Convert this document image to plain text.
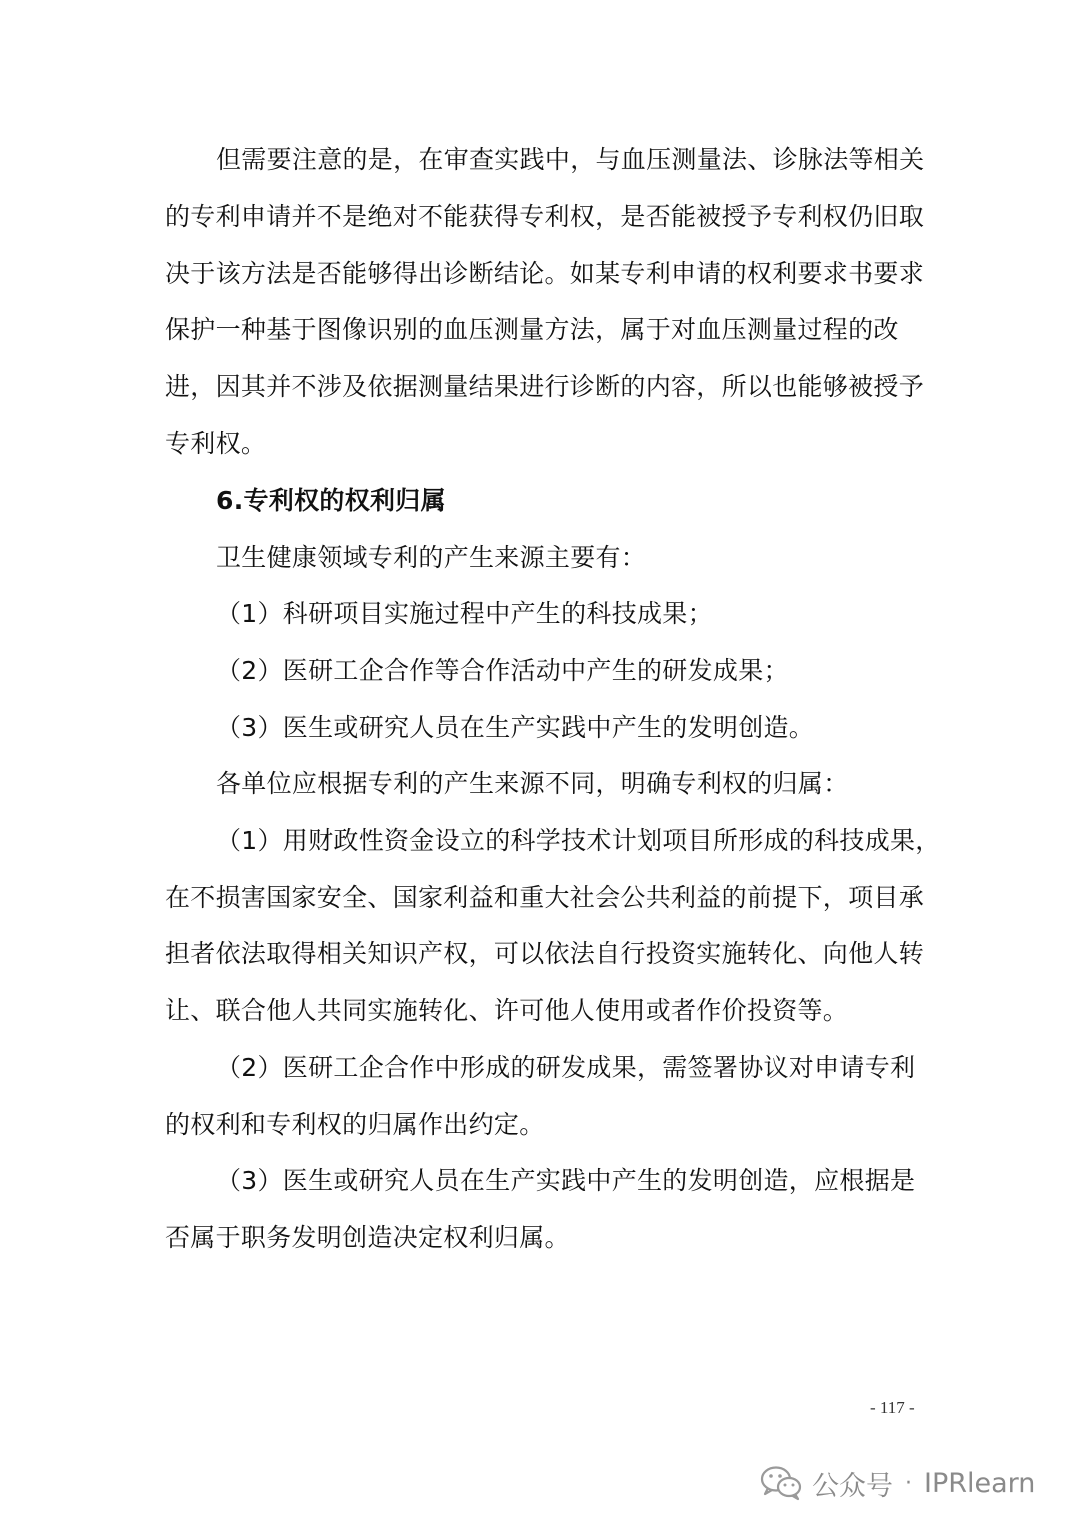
但需要注意的是，在审查实践中，与血压测量法、诊脉法等相关
的专利申请并不是绝对不能获得专利权，是否能被授予专利权仍旧取
决于该方法是否能够得出诊断结论。如某专利申请的权利要求书要求
保护一种基于图像识别的血压测量方法，属于对血压测量过程的改
进，因其并不涉及依据测量结果进行诊断的内容，所以也能够被授予
专利权。
6.专利权的权利归属
卫生健康领域专利的产生来源主要有：
（1）科研项目实施过程中产生的科技成果；
（2）医研工企合作等合作活动中产生的研发成果；
（3）医生或研究人员在生产实践中产生的发明创造。
各单位应根据专利的产生来源不同，明确专利权的归属：
（1）用财政性资金设立的科学技术计划项目所形成的科技成果，
在不损害国家安全、国家利益和重大社会公共利益的前提下，项目承
担者依法取得相关知识产权，可以依法自行投资实施转化、向他人转
让、联合他人共同实施转化、许可他人使用或者作价投资等。
（2）医研工企合作中形成的研发成果，需签署协议对申请专利
的权利和专利权的归属作出约定。
（3）医生或研究人员在生产实践中产生的发明创造，应根据是
否属于职务发明创造决定权利归属。
- 117 -
公众号 · IPRlearn
